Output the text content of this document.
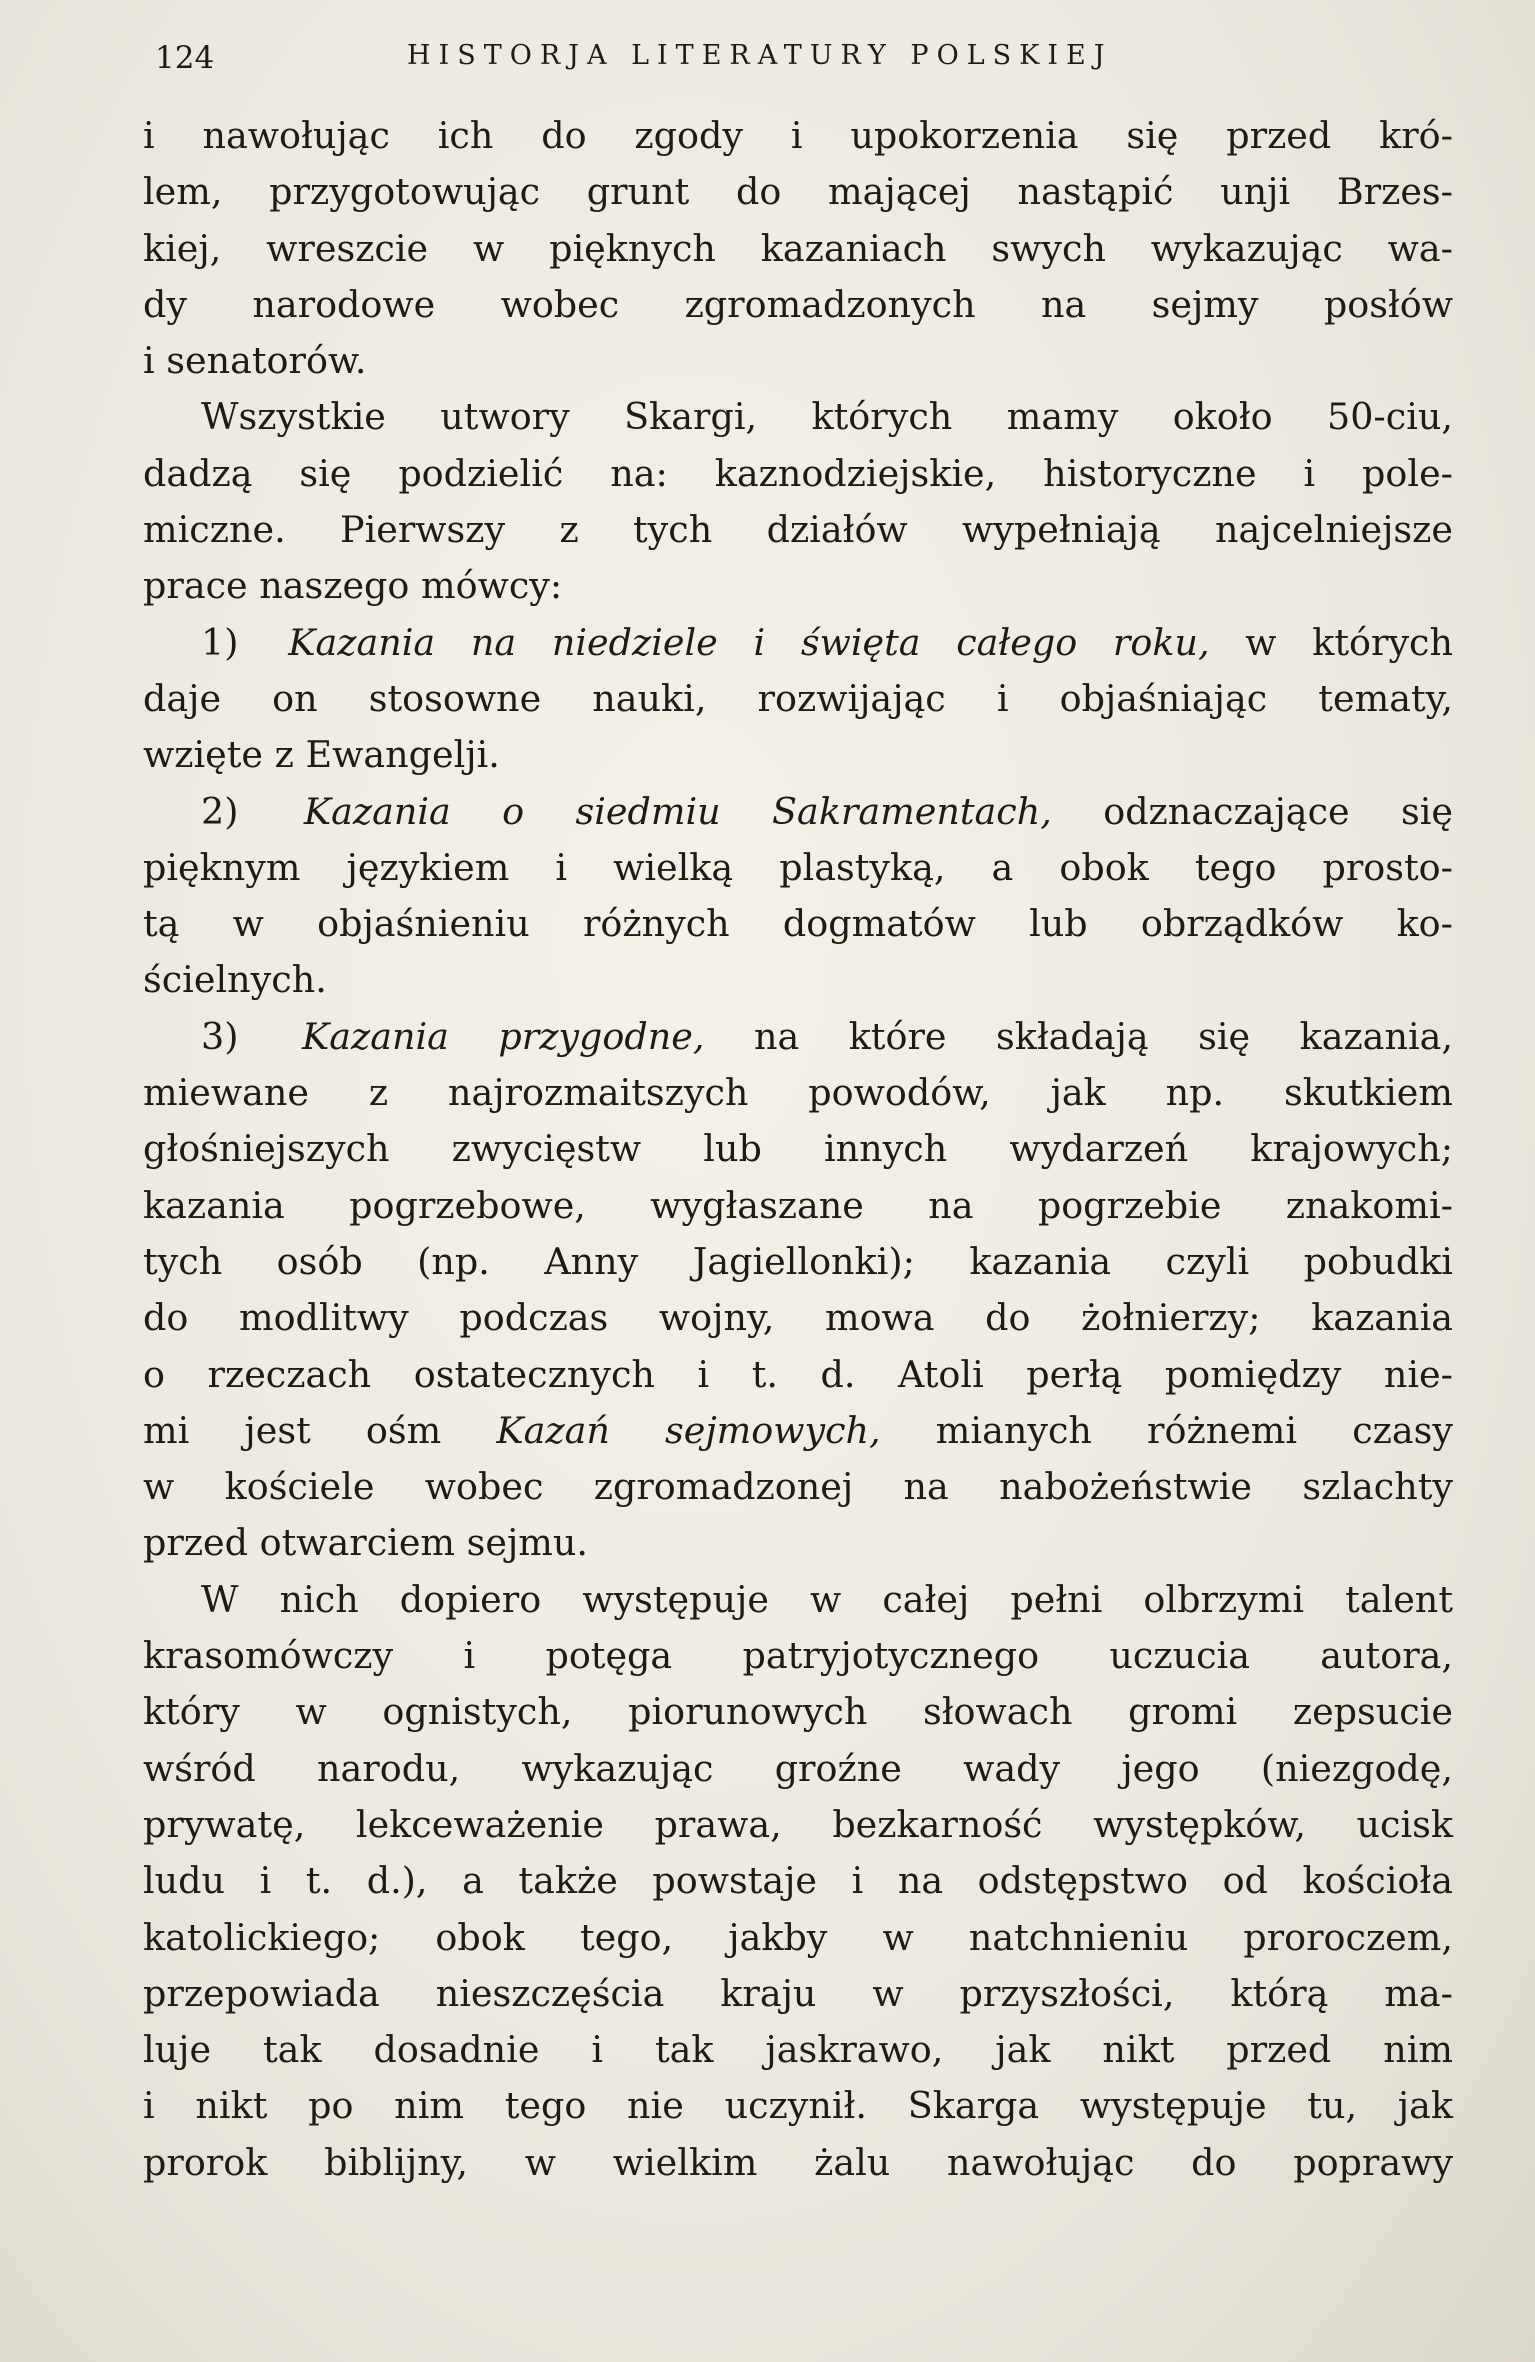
124	HISTORJA LITERATURY POLSKIEJ
i nawołując ich do zgody i upokorzenia się przed kró-
lem, przygotowując grunt do mającej nastąpić unji Brzes-
kiej, wreszcie w pięknych kazaniach swych wykazując wa-
dy narodowe wobec zgromadzonych na sejmy posłów
i senatorów.
Wszystkie utwory Skargi, których mamy około 50-ciu,
dadzą się podzielić na: kaznodziejskie, historyczne i pole-
miczne. Pierwszy z tych działów wypełniają najcelniejsze
prace naszego mówcy:
1) Kazania na niedziele i święta całego roku, w których
daje on stosowne nauki, rozwijając i objaśniając tematy,
wzięte z Ewangelji.
2) Kazania o siedmiu Sakramentach, odznaczające się
pięknym językiem i wielką plastyką, a obok tego prosto-
tą w objaśnieniu różnych dogmatów lub obrządków ko-
ścielnych.
3) Kazania przygodne, na które składają się kazania,
miewane z najrozmaitszych powodów, jak np. skutkiem
głośniejszych zwycięstw lub innych wydarzeń krajowych;
kazania pogrzebowe, wygłaszane na pogrzebie znakomi-
tych osób (np. Anny Jagiellonki); kazania czyli pobudki
do modlitwy podczas wojny, mowa do żołnierzy; kazania
o rzeczach ostatecznych i t. d. Atoli perłą pomiędzy nie-
mi jest ośm Kazań sejmowych, mianych różnemi czasy
w kościele wobec zgromadzonej na nabożeństwie szlachty
przed otwarciem sejmu.
W nich dopiero występuje w całej pełni olbrzymi talent
krasomówczy i potęga patryjotycznego uczucia autora,
który w ognistych, piorunowych słowach gromi zepsucie
wśród narodu, wykazując groźne wady jego (niezgodę,
prywatę, lekceważenie prawa, bezkarność występków, ucisk
ludu i t. d.), a także powstaje i na odstępstwo od kościoła
katolickiego; obok tego, jakby w natchnieniu proroczem,
przepowiada nieszczęścia kraju w przyszłości, którą ma-
luje tak dosadnie i tak jaskrawo, jak nikt przed nim
i nikt po nim tego nie uczynił. Skarga występuje tu, jak
prorok biblijny, w wielkim żalu nawołując do poprawy
